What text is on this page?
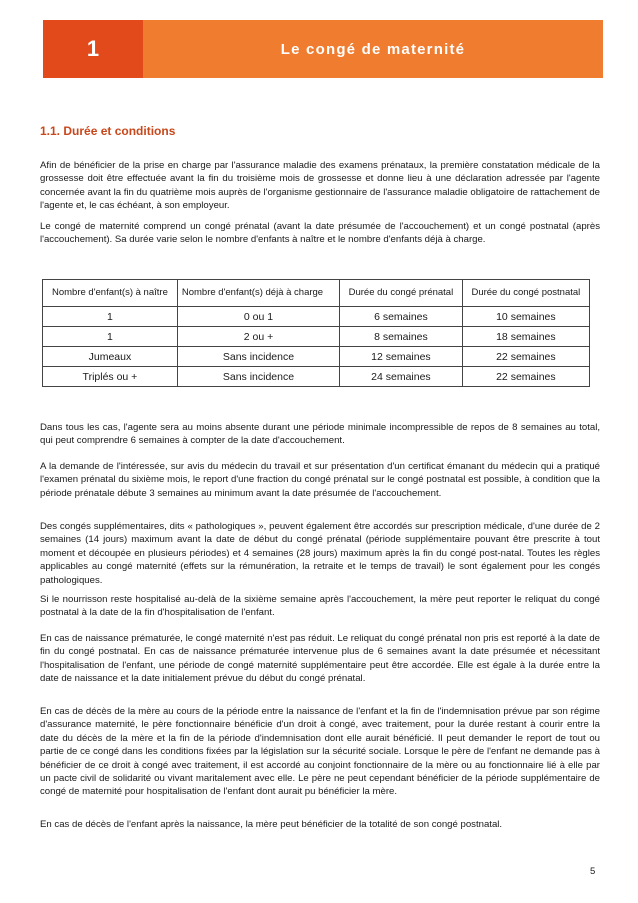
1	Le congé de maternité
1.1. Durée et conditions

Afin de bénéficier de la prise en charge par l'assurance maladie des examens prénataux, la première constatation médicale de la grossesse doit être effectuée avant la fin du troisième mois de grossesse et donne lieu à une déclaration adressée par l'agente concernée avant la fin du quatrième mois auprès de l'organisme gestionnaire de l'assurance maladie obligatoire de rattachement de l'agente et, le cas échéant, à son employeur.

Le congé de maternité comprend un congé prénatal (avant la date présumée de l'accouchement) et un congé postnatal (après l'accouchement). Sa durée varie selon le nombre d'enfants à naître et le nombre d'enfants déjà à charge.

Nombre d'enfant(s) à naître	Nombre d'enfant(s) déjà à charge	Durée du congé prénatal	Durée du congé postnatal
1	0 ou 1	6 semaines	10 semaines
1	2 ou +	8 semaines	18 semaines
Jumeaux	Sans incidence	12 semaines	22 semaines
Triplés ou +	Sans incidence	24 semaines	22 semaines

Dans tous les cas, l'agente sera au moins absente durant une période minimale incompressible de repos de 8 semaines au total, qui peut comprendre 6 semaines à compter de la date d'accouchement.

A la demande de l'intéressée, sur avis du médecin du travail et sur présentation d'un certificat émanant du médecin qui a pratiqué l'examen prénatal du sixième mois, le report d'une fraction du congé prénatal sur le congé postnatal est possible, à condition que la période prénatale débute 3 semaines au minimum avant la date présumée de l'accouchement.

Des congés supplémentaires, dits « pathologiques », peuvent également être accordés sur prescription médicale, d'une durée de 2 semaines (14 jours) maximum avant la date de début du congé prénatal (période supplémentaire pouvant être prescrite à tout moment et découpée en plusieurs périodes) et 4 semaines (28 jours) maximum après la fin du congé post-natal. Toutes les règles applicables au congé maternité (effets sur la rémunération, la retraite et le temps de travail) le sont également pour les congés pathologiques.

Si le nourrisson reste hospitalisé au-delà de la sixième semaine après l'accouchement, la mère peut reporter le reliquat du congé postnatal à la date de la fin d'hospitalisation de l'enfant.

En cas de naissance prématurée, le congé maternité n'est pas réduit. Le reliquat du congé prénatal non pris est reporté à la date de fin du congé postnatal. En cas de naissance prématurée intervenue plus de 6 semaines avant la date présumée et nécessitant l'hospitalisation de l'enfant, une période de congé maternité supplémentaire peut être accordée. Elle est égale à la durée entre la date de naissance et la date initialement prévue du début du congé prénatal.

En cas de décès de la mère au cours de la période entre la naissance de l'enfant et la fin de l'indemnisation prévue par son régime d'assurance maternité, le père fonctionnaire bénéficie d'un droit à congé, avec traitement, pour la durée restant à courir entre la date du décès de la mère et la fin de la période d'indemnisation dont elle aurait bénéficié. Il peut demander le report de tout ou partie de ce congé dans les conditions fixées par la législation sur la sécurité sociale. Lorsque le père de l'enfant ne demande pas à bénéficier de ce droit à congé avec traitement, il est accordé au conjoint fonctionnaire de la mère ou au fonctionnaire lié à elle par un pacte civil de solidarité ou vivant maritalement avec elle. Le père ne peut cependant bénéficier de la période supplémentaire de congé de maternité pour hospitalisation de l'enfant dont aurait pu bénéficier la mère.

En cas de décès de l'enfant après la naissance, la mère peut bénéficier de la totalité de son congé postnatal.

5
